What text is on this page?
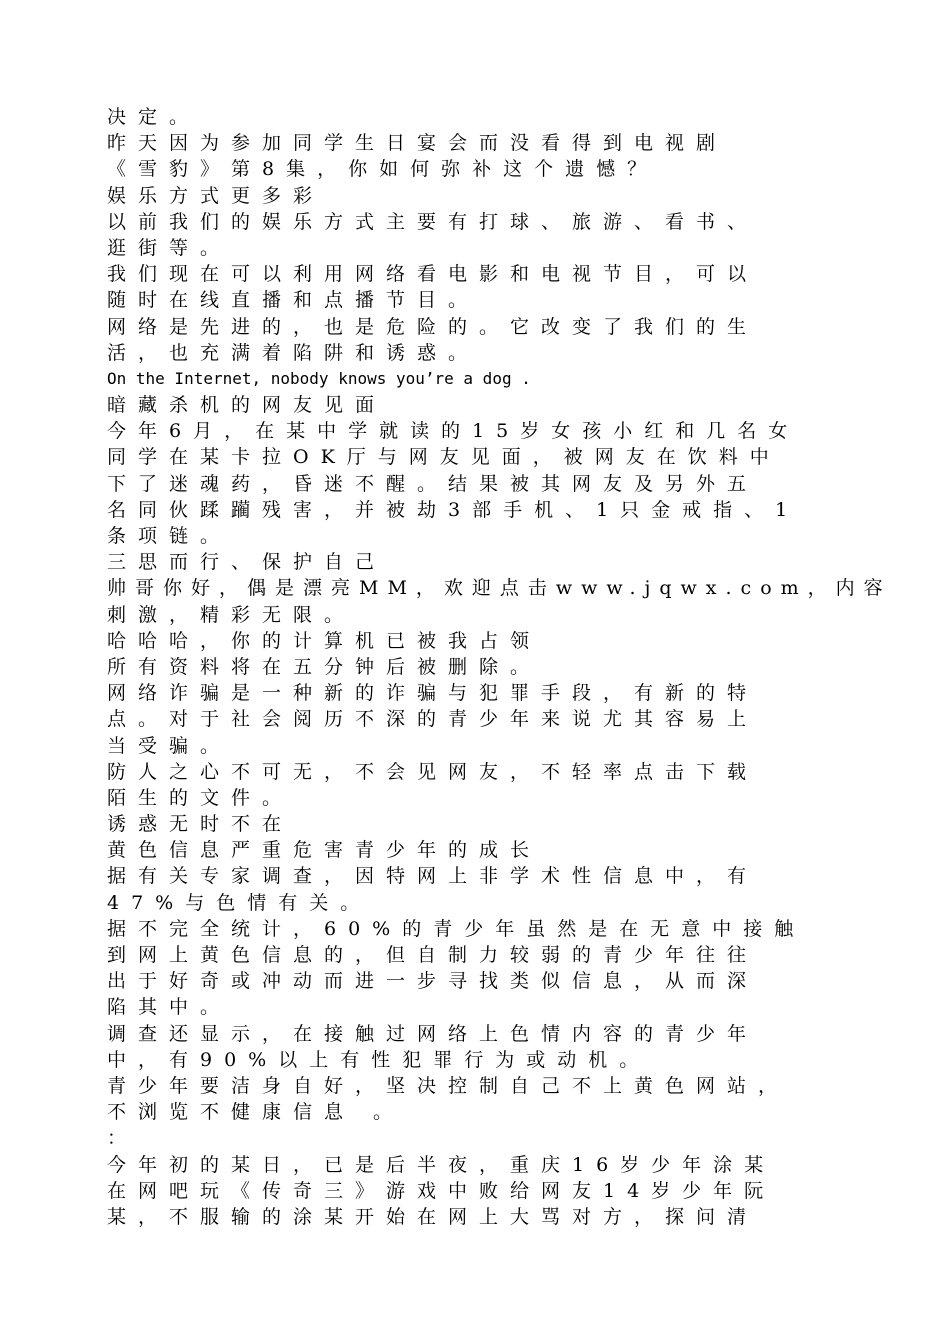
决定。
昨天因为参加同学生日宴会而没看得到电视剧
《雪豹》第8集，你如何弥补这个遗憾？
娱乐方式更多彩
以前我们的娱乐方式主要有打球、旅游、看书、
逛街等。
我们现在可以利用网络看电影和电视节目，可以
随时在线直播和点播节目。
网络是先进的，也是危险的。它改变了我们的生
活，也充满着陷阱和诱惑。
On the Internet, nobody knows you’re a dog .
暗藏杀机的网友见面
今年6月，在某中学就读的15岁女孩小红和几名女
同学在某卡拉OK厅与网友见面，被网友在饮料中
下了迷魂药，昏迷不醒。结果被其网友及另外五
名同伙蹂躏残害，并被劫3部手机、1只金戒指、1
条项链。
三思而行、保护自己
帅哥你好，偶是漂亮MM，欢迎点击www.jqwx.com，内容
刺激，精彩无限。
哈哈哈，你的计算机已被我占领
所有资料将在五分钟后被删除。
网络诈骗是一种新的诈骗与犯罪手段，有新的特
点。对于社会阅历不深的青少年来说尤其容易上
当受骗。
防人之心不可无，不会见网友，不轻率点击下载
陌生的文件。
诱惑无时不在
黄色信息严重危害青少年的成长
据有关专家调查，因特网上非学术性信息中，有
47%与色情有关。
据不完全统计，60%的青少年虽然是在无意中接触
到网上黄色信息的，但自制力较弱的青少年往往
出于好奇或冲动而进一步寻找类似信息，从而深
陷其中。
调查还显示，在接触过网络上色情内容的青少年
中，有90%以上有性犯罪行为或动机。
青少年要洁身自好，坚决控制自己不上黄色网站，
不浏览不健康信息 。
：
今年初的某日，已是后半夜，重庆16岁少年涂某
在网吧玩《传奇三》游戏中败给网友14岁少年阮
某，不服输的涂某开始在网上大骂对方，探问清
